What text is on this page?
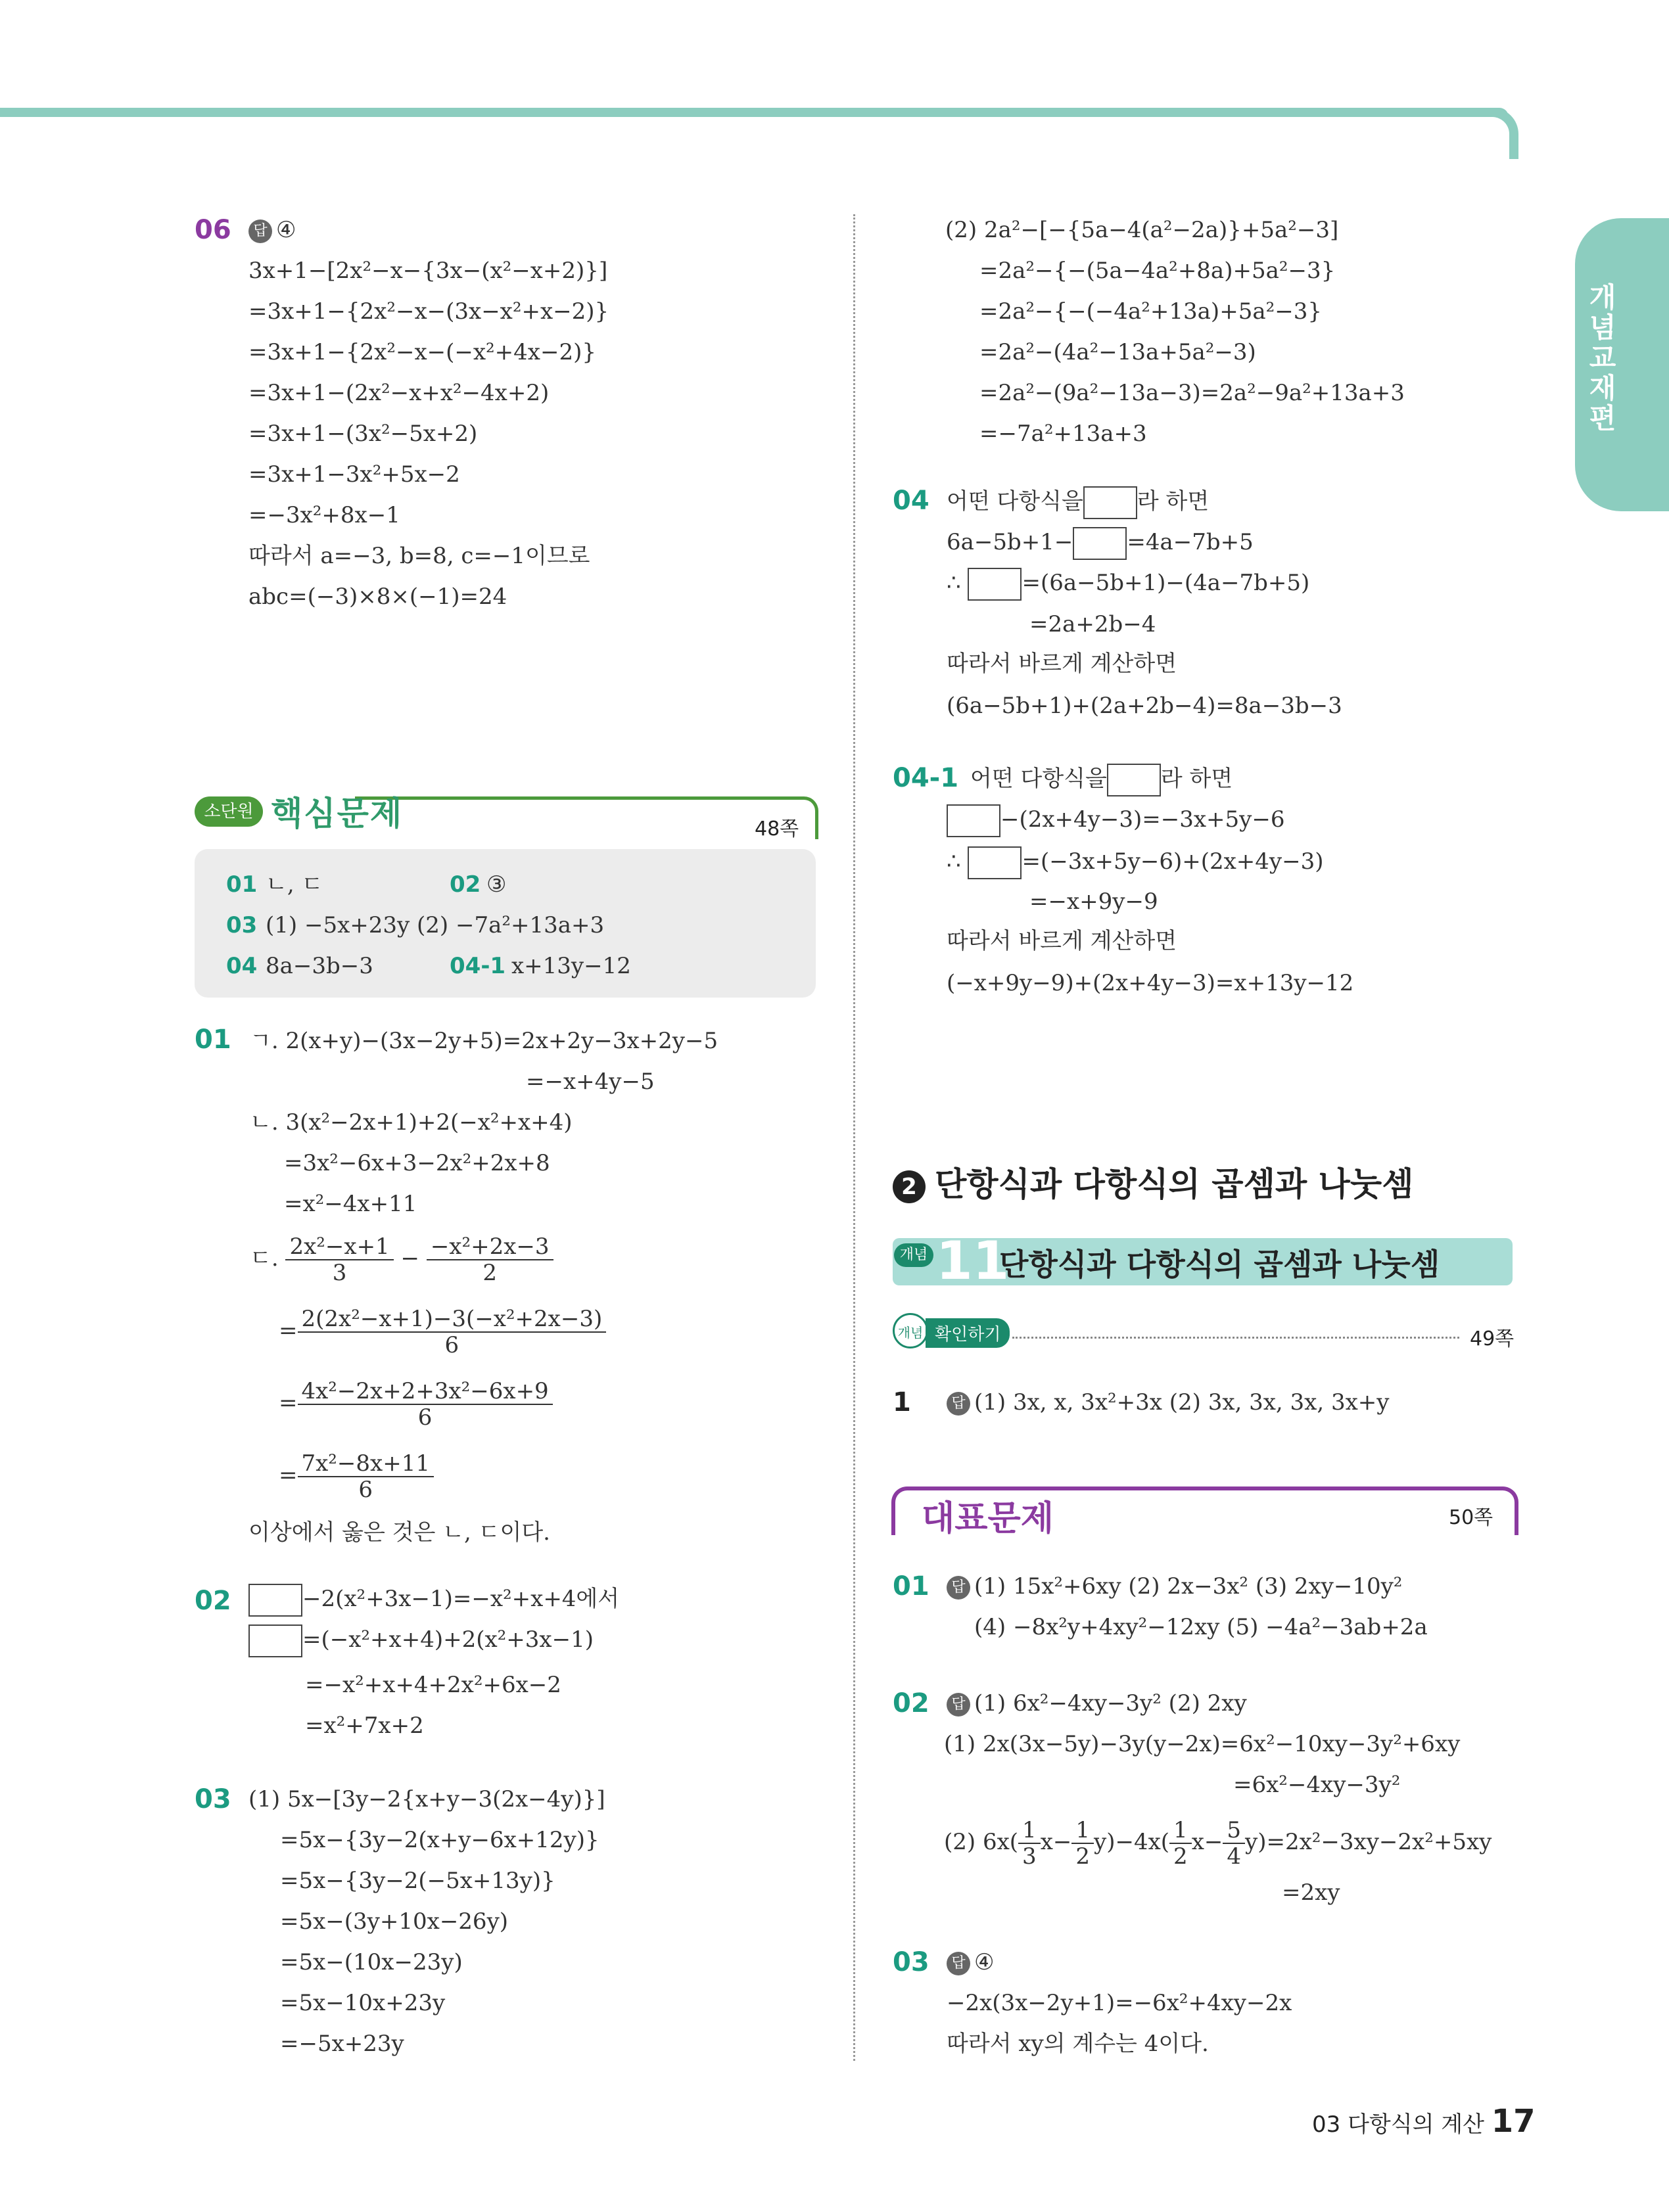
개념교재편
06	답 ④
3x+1−[2x²−x−{3x−(x²−x+2)}]
=3x+1−{2x²−x−(3x−x²+x−2)}
=3x+1−{2x²−x−(−x²+4x−2)}
=3x+1−(2x²−x+x²−4x+2)
=3x+1−(3x²−5x+2)
=3x+1−3x²+5x−2
=−3x²+8x−1
따라서 a=−3, b=8, c=−1이므로
abc=(−3)×8×(−1)=24
소단원 핵심문제	48쪽
01 ㄴ, ㄷ	02 ③
03 (1) −5x+23y (2) −7a²+13a+3
04 8a−3b−3	04-1 x+13y−12
01 ㄱ. 2(x+y)−(3x−2y+5)=2x+2y−3x+2y−5
=−x+4y−5
ㄴ. 3(x²−2x+1)+2(−x²+x+4)
=3x²−6x+3−2x²+2x+8
=x²−4x+11
ㄷ. $\frac{\text{2x²−x+1}}{3} - \frac{\text{−x²+2x−3}}{2}$
= $\frac{\text{2(2x²−x+1)−3(−x²+2x−3)}}{6}$
= $\frac{\text{4x²−2x+2+3x²−6x+9}}{6}$
= $\frac{\text{7x²−8x+11}}{6}$
이상에서 옳은 것은 ㄴ, ㄷ이다.
02	−2(x²+3x−1)=−x²+x+4에서
=(−x²+x+4)+2(x²+3x−1)
=−x²+x+4+2x²+6x−2
=x²+7x+2
03 (1) 5x−[3y−2{x+y−3(2x−4y)}]
=5x−{3y−2(x+y−6x+12y)}
=5x−{3y−2(−5x+13y)}
=5x−(3y+10x−26y)
=5x−(10x−23y)
=5x−10x+23y
=−5x+23y
(2) 2a²−[−{5a−4(a²−2a)}+5a²−3]
=2a²−{−(5a−4a²+8a)+5a²−3}
=2a²−{−(−4a²+13a)+5a²−3}
=2a²−(4a²−13a+5a²−3)
=2a²−(9a²−13a−3)=2a²−9a²+13a+3
=−7a²+13a+3
04 어떤 다항식을 라 하면
6a−5b+1− =4a−7b+5
∴	=(6a−5b+1)−(4a−7b+5)
=2a+2b−4
따라서 바르게 계산하면
(6a−5b+1)+(2a+2b−4)=8a−3b−3
04-1 어떤 다항식을 라 하면
−(2x+4y−3)=−3x+5y−6
∴	=(−3x+5y−6)+(2x+4y−3)
=−x+9y−9
따라서 바르게 계산하면
(−x+9y−9)+(2x+4y−3)=x+13y−12
2 단항식과 다항식의 곱셈과 나눗셈
개념 11
단항식과 다항식의 곱셈과 나눗셈
개념 확인하기	49쪽
1	답 (1) 3x, x, 3x²+3x (2) 3x, 3x, 3x, 3x+y
대표문제	50쪽
01	답 (1) 15x²+6xy (2) 2x−3x² (3) 2xy−10y²
(4) −8x²y+4xy²−12xy (5) −4a²−3ab+2a
02	답 (1) 6x²−4xy−3y² (2) 2xy
(1) 2x(3x−5y)−3y(y−2x)=6x²−10xy−3y²+6xy
=6x²−4xy−3y²
(2) $6x( \frac{1}{3} x- \frac{1}{2} y)-4x( \frac{1}{2} x- \frac{5}{4} y)=2x^2-3xy-2x^2+5xy$
=2xy
03	답 ④
−2x(3x−2y+1)=−6x²+4xy−2x
따라서 xy의 계수는 4이다.
03 다항식의 계산 17
